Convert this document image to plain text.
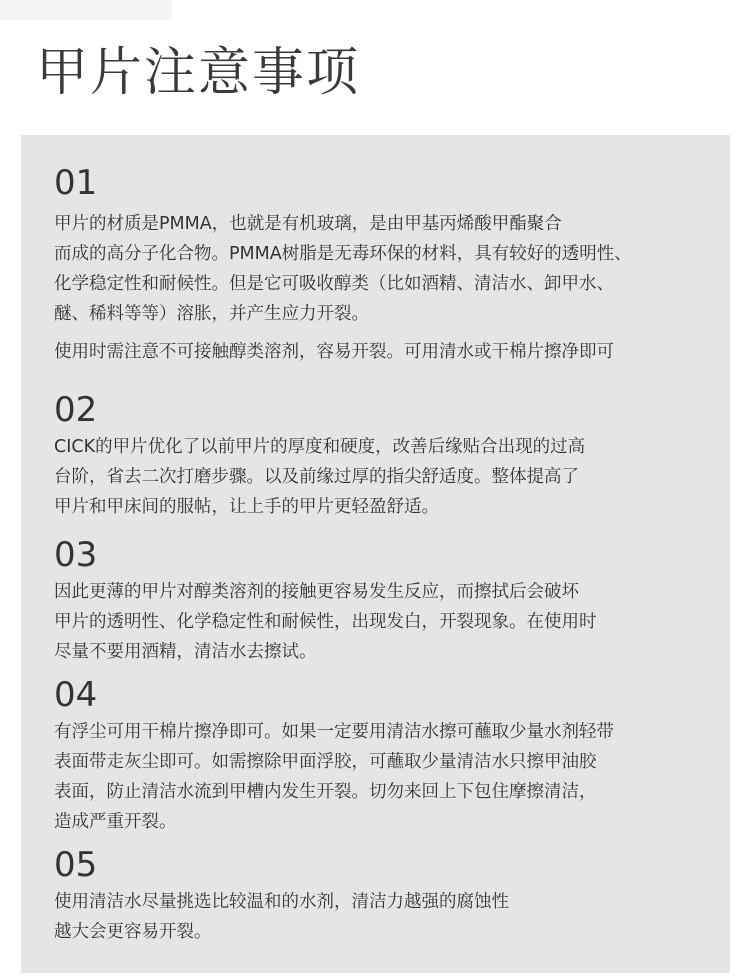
甲片注意事项
01
甲片的材质是PMMA，也就是有机玻璃，是由甲基丙烯酸甲酯聚合
而成的高分子化合物。PMMA树脂是无毒环保的材料，具有较好的透明性、
化学稳定性和耐候性。但是它可吸收醇类（比如酒精、清洁水、卸甲水、
醚、稀料等等）溶胀，并产生应力开裂。
使用时需注意不可接触醇类溶剂，容易开裂。可用清水或干棉片擦净即可
02
CICK的甲片优化了以前甲片的厚度和硬度，改善后缘贴合出现的过高
台阶，省去二次打磨步骤。以及前缘过厚的指尖舒适度。整体提高了
甲片和甲床间的服帖，让上手的甲片更轻盈舒适。
03
因此更薄的甲片对醇类溶剂的接触更容易发生反应，而擦拭后会破坏
甲片的透明性、化学稳定性和耐候性，出现发白，开裂现象。在使用时
尽量不要用酒精，清洁水去擦试。
04
有浮尘可用干棉片擦净即可。如果一定要用清洁水擦可蘸取少量水剂轻带
表面带走灰尘即可。如需擦除甲面浮胶，可蘸取少量清洁水只擦甲油胶
表面，防止清洁水流到甲槽内发生开裂。切勿来回上下包住摩擦清洁，
造成严重开裂。
05
使用清洁水尽量挑选比较温和的水剂，清洁力越强的腐蚀性
越大会更容易开裂。
